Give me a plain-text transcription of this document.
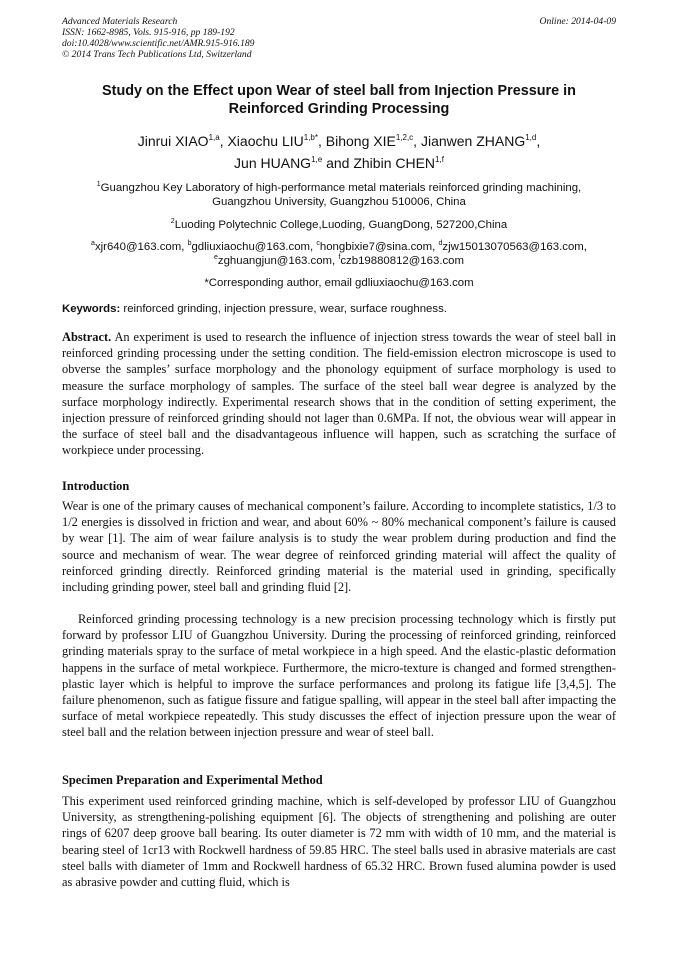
Advanced Materials Research
ISSN: 1662-8985, Vols. 915-916, pp 189-192
doi:10.4028/www.scientific.net/AMR.915-916.189
© 2014 Trans Tech Publications Ltd, Switzerland
Online: 2014-04-09
Study on the Effect upon Wear of steel ball from Injection Pressure in
Reinforced Grinding Processing
Jinrui XIAO$^{1,a}$, Xiaochu $LIU^{1,b*}$, Bihong XIE$^{1,2,c}$, Jianwen ZHANG$^{1,d}$,
Jun HUANG$^{1,e}$ and Zhibin CHEN$^{1,f}$
$^1$Guangzhou Key Laboratory of high-performance metal materials reinforced grinding machining,
Guangzhou University, Guangzhou 510006, China
$^2$Luoding Polytechnic College,Luoding, GuangDong, 527200,China
$^a$xjr640@163.com, $^b$gdliuxiaochu@163.com, $^c$hongbixie7@sina.com, $^d$zjw15013070563@163.com,
$^e$zghuangjun@163.com, $^f$czb19880812@163.com
*Corresponding author, email gdliuxiaochu@163.com
Keywords: reinforced grinding, injection pressure, wear, surface roughness.
Abstract. An experiment is used to research the influence of injection stress towards the wear of steel ball in reinforced grinding processing under the setting condition. The field-emission electron microscope is used to obverse the samples’ surface morphology and the phonology equipment of surface morphology is used to measure the surface morphology of samples. The surface of the steel ball wear degree is analyzed by the surface morphology indirectly. Experimental research shows that in the condition of setting experiment, the injection pressure of reinforced grinding should not lager than 0.6MPa. If not, the obvious wear will appear in the surface of steel ball and the disadvantageous influence will happen, such as scratching the surface of workpiece under processing.
Introduction
Wear is one of the primary causes of mechanical component’s failure. According to incomplete statistics, 1/3 to 1/2 energies is dissolved in friction and wear, and about 60% ~ 80% mechanical component’s failure is caused by wear [1]. The aim of wear failure analysis is to study the wear problem during production and find the source and mechanism of wear. The wear degree of reinforced grinding material will affect the quality of reinforced grinding directly. Reinforced grinding material is the material used in grinding, specifically including grinding power, steel ball and grinding fluid [2].
Reinforced grinding processing technology is a new precision processing technology which is firstly put forward by professor LIU of Guangzhou University. During the processing of reinforced grinding, reinforced grinding materials spray to the surface of metal workpiece in a high speed. And the elastic-plastic deformation happens in the surface of metal workpiece. Furthermore, the micro-texture is changed and formed strengthen-plastic layer which is helpful to improve the surface performances and prolong its fatigue life [3,4,5]. The failure phenomenon, such as fatigue fissure and fatigue spalling, will appear in the steel ball after impacting the surface of metal workpiece repeatedly. This study discusses the effect of injection pressure upon the wear of steel ball and the relation between injection pressure and wear of steel ball.
Specimen Preparation and Experimental Method
This experiment used reinforced grinding machine, which is self-developed by professor LIU of Guangzhou University, as strengthening-polishing equipment [6]. The objects of strengthening and polishing are outer rings of 6207 deep groove ball bearing. Its outer diameter is 72 mm with width of 10 mm, and the material is bearing steel of 1cr13 with Rockwell hardness of 59.85 HRC. The steel balls used in abrasive materials are cast steel balls with diameter of 1mm and Rockwell hardness of 65.32 HRC. Brown fused alumina powder is used as abrasive powder and cutting fluid, which is
